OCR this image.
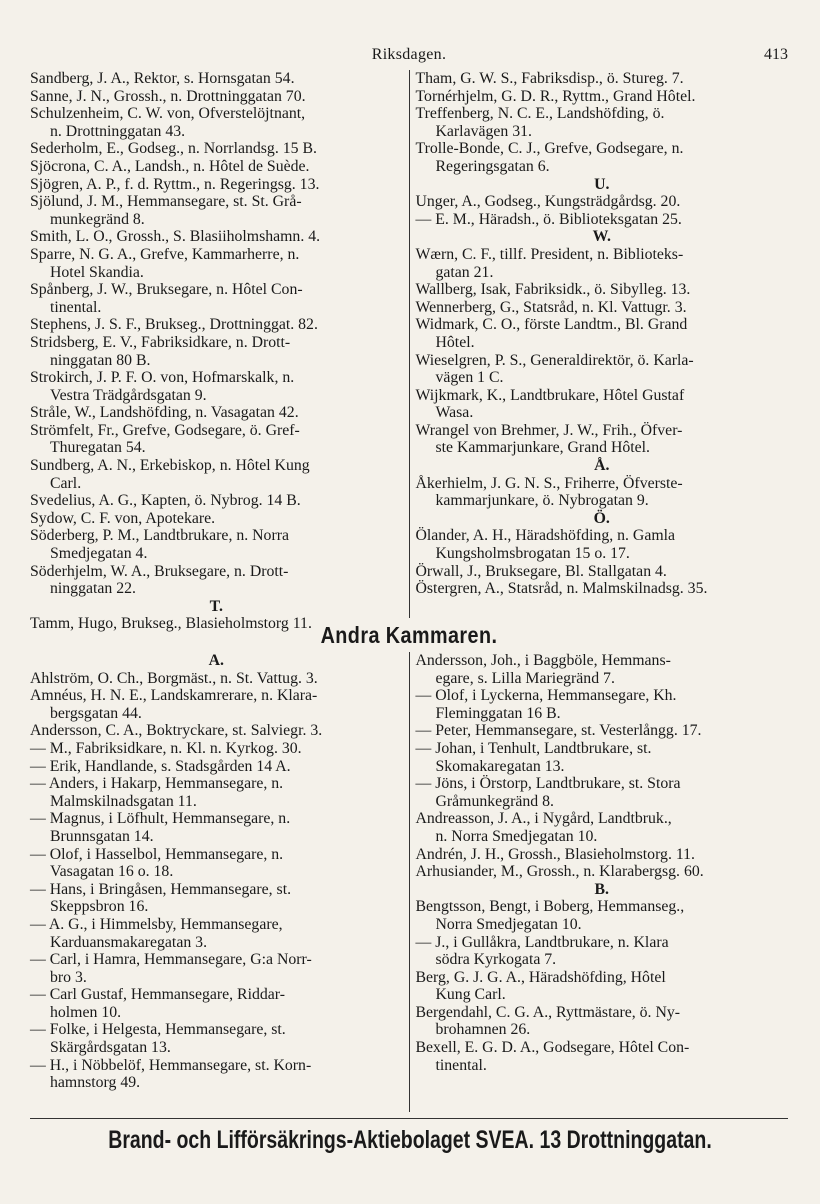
Riksdagen.	413
Sandberg, J. A., Rektor, s. Hornsgatan 54.
Sanne, J. N., Grossh., n. Drottninggatan 70.
Schulzenheim, C. W. von, Ofverstelöjtnant,
n. Drottninggatan 43.
Sederholm, E., Godseg., n. Norrlandsg. 15 B.
Sjöcrona, C. A., Landsh., n. Hôtel de Suède.
Sjögren, A. P., f. d. Ryttm., n. Regeringsg. 13.
Sjölund, J. M., Hemmansegare, st. St. Grå-
munkegränd 8.
Smith, L. O., Grossh., S. Blasiiholmshamn. 4.
Sparre, N. G. A., Grefve, Kammarherre, n.
Hotel Skandia.
Spånberg, J. W., Bruksegare, n. Hôtel Con-
tinental.
Stephens, J. S. F., Brukseg., Drottninggat. 82.
Stridsberg, E. V., Fabriksidkare, n. Drott-
ninggatan 80 B.
Strokirch, J. P. F. O. von, Hofmarskalk, n.
Vestra Trädgårdsgatan 9.
Stråle, W., Landshöfding, n. Vasagatan 42.
Strömfelt, Fr., Grefve, Godsegare, ö. Gref-
Thuregatan 54.
Sundberg, A. N., Erkebiskop, n. Hôtel Kung
Carl.
Svedelius, A. G., Kapten, ö. Nybrog. 14 B.
Sydow, C. F. von, Apotekare.
Söderberg, P. M., Landtbrukare, n. Norra
Smedjegatan 4.
Söderhjelm, W. A., Bruksegare, n. Drott-
ninggatan 22.
T.
Tamm, Hugo, Brukseg., Blasieholmstorg 11.
Tham, G. W. S., Fabriksdisp., ö. Stureg. 7.
Tornérhjelm, G. D. R., Ryttm., Grand Hôtel.
Treffenberg, N. C. E., Landshöfding, ö.
Karlavägen 31.
Trolle-Bonde, C. J., Grefve, Godsegare, n.
Regeringsgatan 6.
U.
Unger, A., Godseg., Kungsträdgårdsg. 20.
— E. M., Häradsh., ö. Biblioteksgatan 25.
W.
Wærn, C. F., tillf. President, n. Biblioteks-
gatan 21.
Wallberg, Isak, Fabriksidk., ö. Sibylleg. 13.
Wennerberg, G., Statsråd, n. Kl. Vattugr. 3.
Widmark, C. O., förste Landtm., Bl. Grand
Hôtel.
Wieselgren, P. S., Generaldirektör, ö. Karla-
vägen 1 C.
Wijkmark, K., Landtbrukare, Hôtel Gustaf
Wasa.
Wrangel von Brehmer, J. W., Frih., Öfver-
ste Kammarjunkare, Grand Hôtel.
Å.
Åkerhielm, J. G. N. S., Friherre, Öfverste-
kammarjunkare, ö. Nybrogatan 9.
Ö.
Ölander, A. H., Häradshöfding, n. Gamla
Kungsholmsbrogatan 15 o. 17.
Örwall, J., Bruksegare, Bl. Stallgatan 4.
Östergren, A., Statsråd, n. Malmskilnadsg. 35.
Andra Kammaren.
A.
Ahlström, O. Ch., Borgmäst., n. St. Vattug. 3.
Amnéus, H. N. E., Landskamrerare, n. Klara-
bergsgatan 44.
Andersson, C. A., Boktryckare, st. Salviegr. 3.
— M., Fabriksidkare, n. Kl. n. Kyrkog. 30.
— Erik, Handlande, s. Stadsgården 14 A.
— Anders, i Hakarp, Hemmansegare, n.
Malmskilnadsgatan 11.
— Magnus, i Löfhult, Hemmansegare, n.
Brunnsgatan 14.
— Olof, i Hasselbol, Hemmansegare, n.
Vasagatan 16 o. 18.
— Hans, i Bringåsen, Hemmansegare, st.
Skeppsbron 16.
— A. G., i Himmelsby, Hemmansegare,
Karduansmakaregatan 3.
— Carl, i Hamra, Hemmansegare, G:a Norr-
bro 3.
— Carl Gustaf, Hemmansegare, Riddar-
holmen 10.
— Folke, i Helgesta, Hemmansegare, st.
Skärgårdsgatan 13.
— H., i Nöbbelöf, Hemmansegare, st. Korn-
hamnstorg 49.
Andersson, Joh., i Baggböle, Hemmans-
egare, s. Lilla Mariegränd 7.
— Olof, i Lyckerna, Hemmansegare, Kh.
Fleminggatan 16 B.
— Peter, Hemmansegare, st. Vesterlångg. 17.
— Johan, i Tenhult, Landtbrukare, st.
Skomakaregatan 13.
— Jöns, i Örstorp, Landtbrukare, st. Stora
Gråmunkegränd 8.
Andreasson, J. A., i Nygård, Landtbruk.,
n. Norra Smedjegatan 10.
Andrén, J. H., Grossh., Blasieholmstorg. 11.
Arhusiander, M., Grossh., n. Klarabergsg. 60.
B.
Bengtsson, Bengt, i Boberg, Hemmanseg.,
Norra Smedjegatan 10.
— J., i Gullåkra, Landtbrukare, n. Klara
södra Kyrkogata 7.
Berg, G. J. G. A., Häradshöfding, Hôtel
Kung Carl.
Bergendahl, C. G. A., Ryttmästare, ö. Ny-
brohamnen 26.
Bexell, E. G. D. A., Godsegare, Hôtel Con-
tinental.
Brand- och Lifförsäkrings-Aktiebolaget SVEA. 13 Drottninggatan.
